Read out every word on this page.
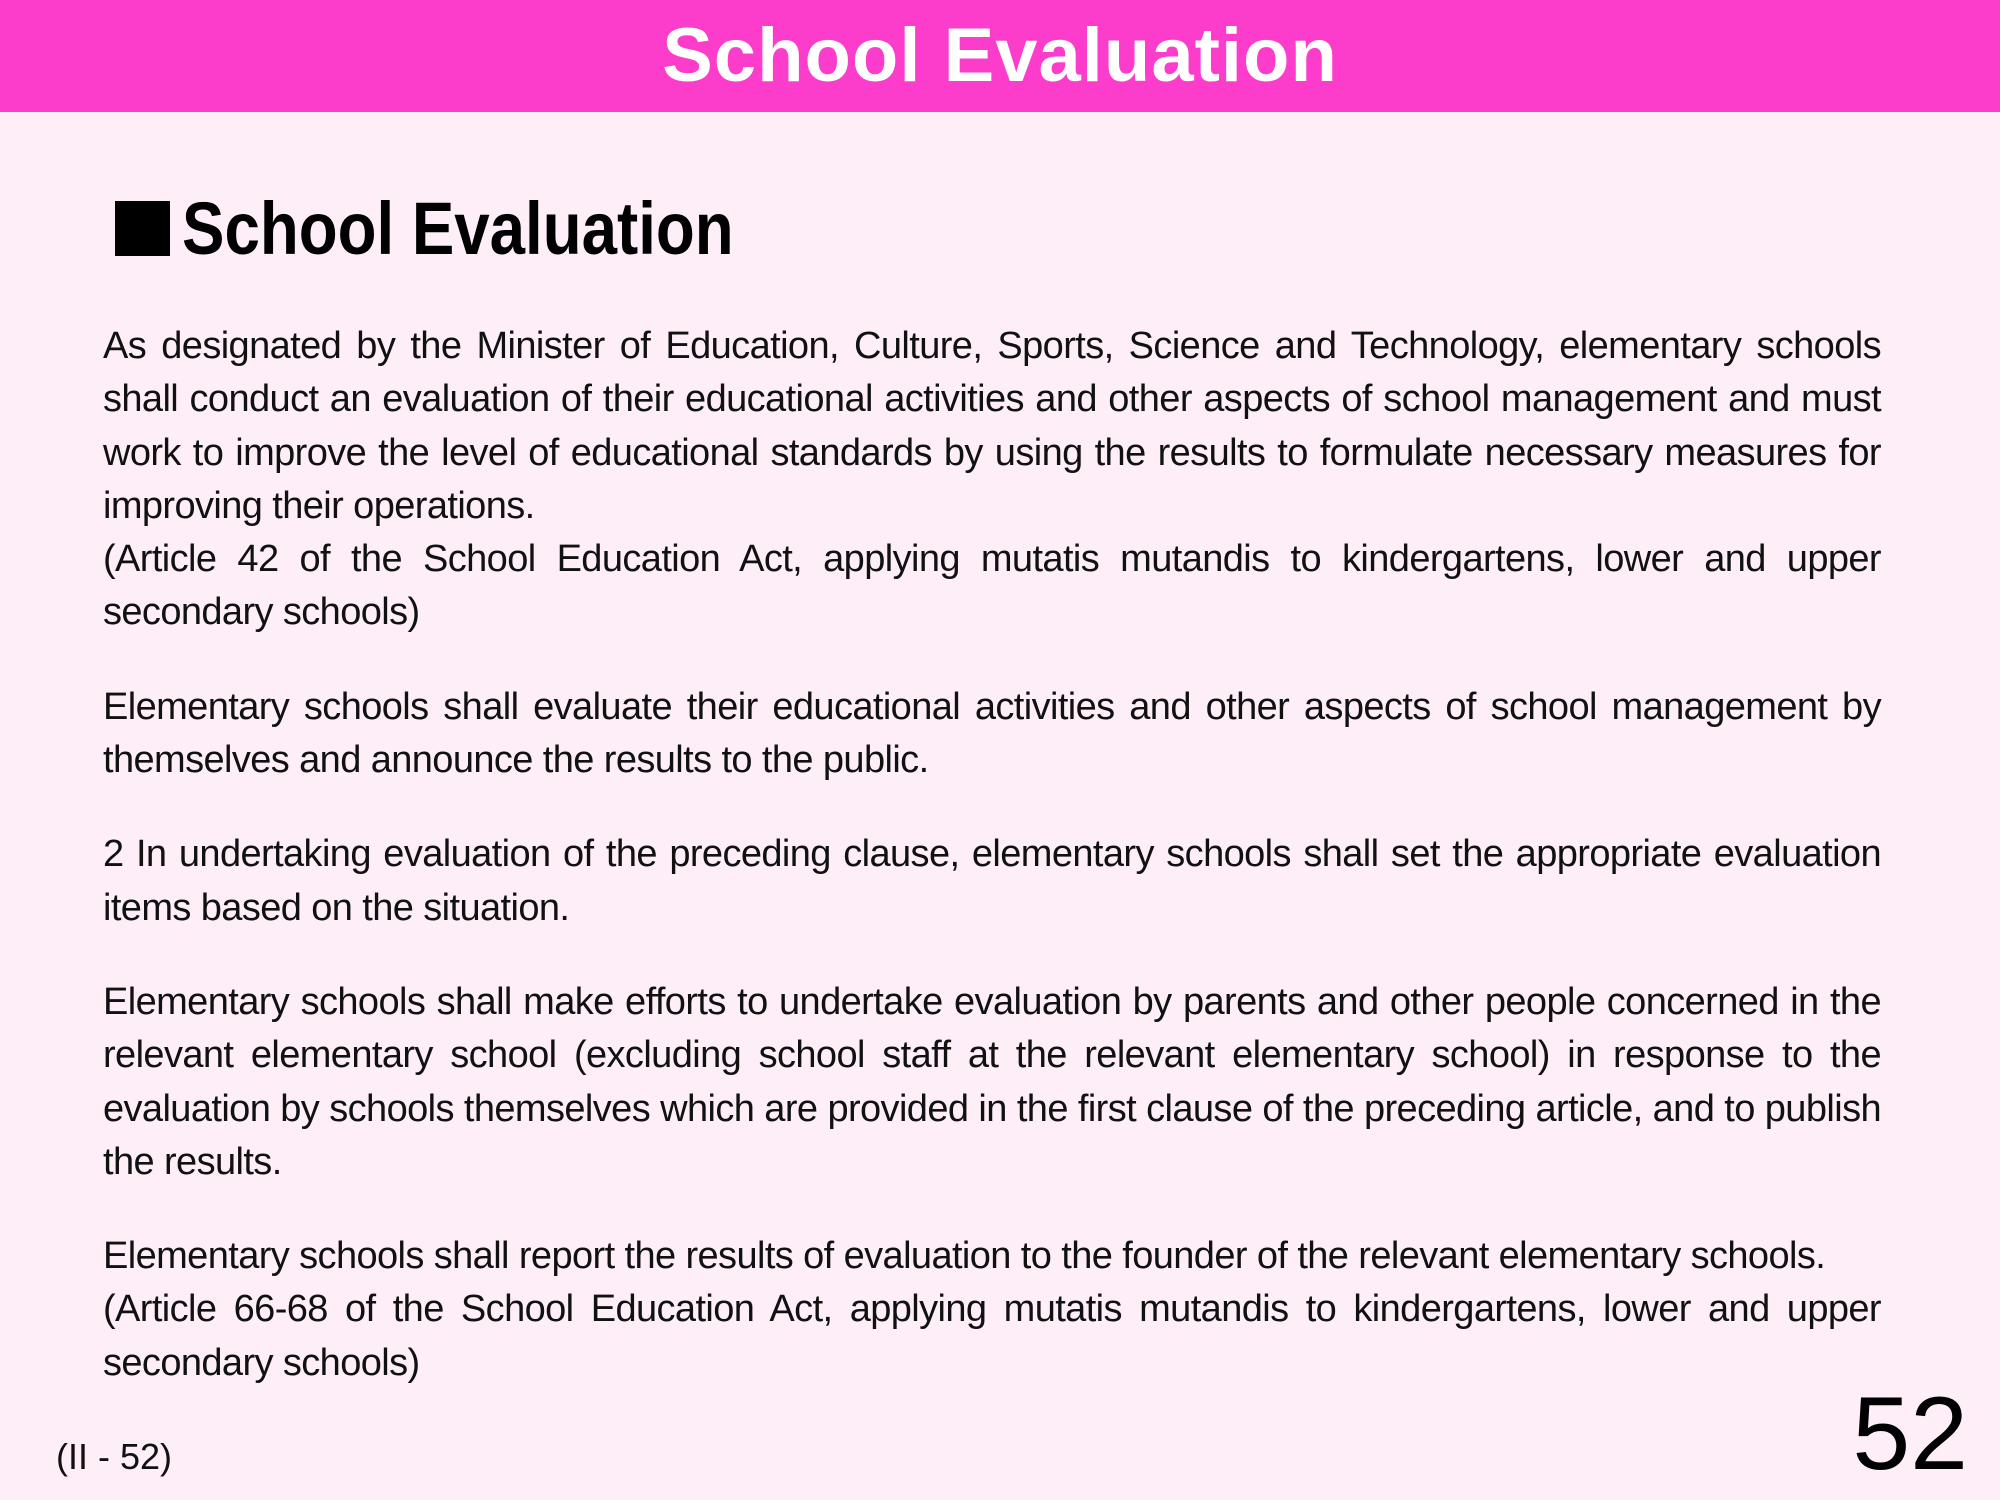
School Evaluation
School Evaluation

As designated by the Minister of Education, Culture, Sports, Science and Technology, elementary schools shall conduct an evaluation of their educational activities and other aspects of school management and must work to improve the level of educational standards by using the results to formulate necessary measures for improving their operations.
(Article 42 of the School Education Act, applying mutatis mutandis to kindergartens, lower and upper secondary schools)

Elementary schools shall evaluate their educational activities and other aspects of school management by themselves and announce the results to the public.

2 In undertaking evaluation of the preceding clause, elementary schools shall set the appropriate evaluation items based on the situation.

Elementary schools shall make efforts to undertake evaluation by parents and other people concerned in the relevant elementary school (excluding school staff at the relevant elementary school) in response to the evaluation by schools themselves which are provided in the first clause of the preceding article, and to publish the results.

Elementary schools shall report the results of evaluation to the founder of the relevant elementary schools.
(Article 66-68 of the School Education Act, applying mutatis mutandis to kindergartens, lower and upper secondary schools)

(II - 52)	52
